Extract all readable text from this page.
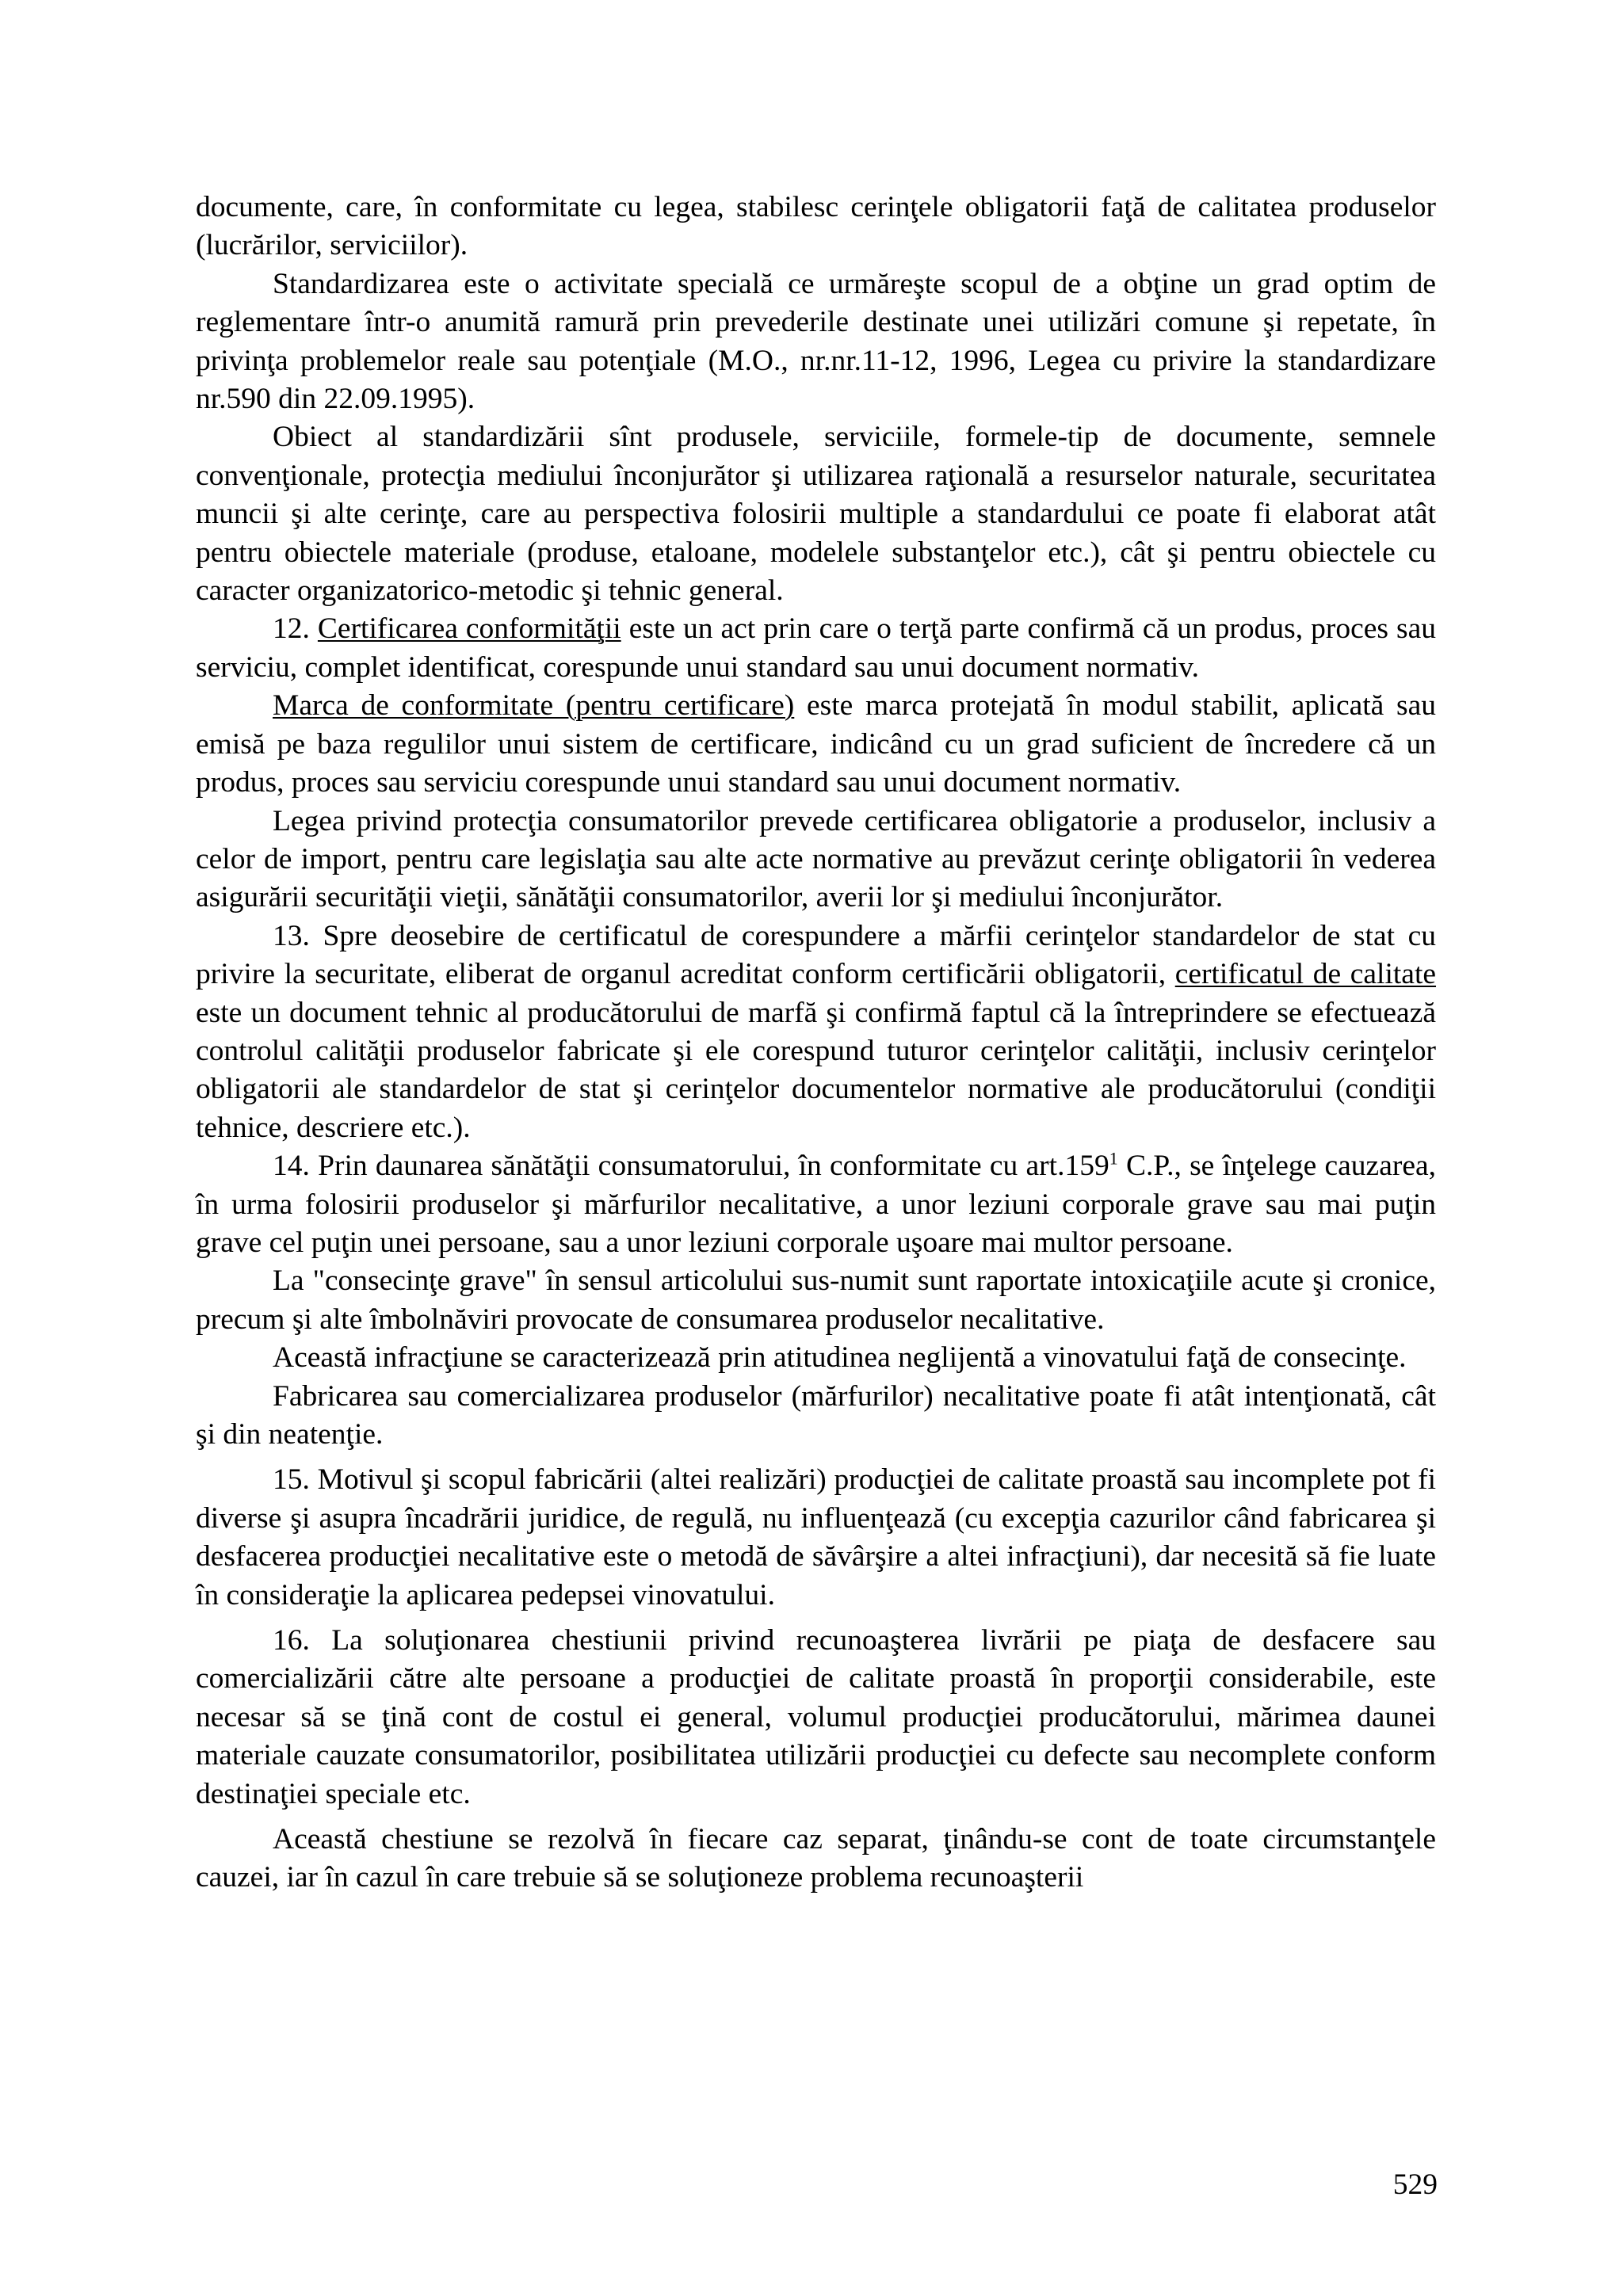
documente, care, în conformitate cu legea, stabilesc cerinţele obligatorii faţă de calitatea produselor (lucrărilor, serviciilor).

Standardizarea este o activitate specială ce urmăreşte scopul de a obţine un grad optim de reglementare într-o anumită ramură prin prevederile destinate unei utilizări comune şi repetate, în privinţa problemelor reale sau potenţiale (M.O., nr.nr.11-12, 1996, Legea cu privire la standardizare nr.590 din 22.09.1995).

Obiect al standardizării sînt produsele, serviciile, formele-tip de documente, semnele convenţionale, protecţia mediului înconjurător şi utilizarea raţională a resurselor naturale, securitatea muncii şi alte cerinţe, care au perspectiva folosirii multiple a standardului ce poate fi elaborat atât pentru obiectele materiale (produse, etaloane, modelele substanţelor etc.), cât şi pentru obiectele cu caracter organizatorico-metodic şi tehnic general.

12. Certificarea conformităţii este un act prin care o terţă parte confirmă că un produs, proces sau serviciu, complet identificat, corespunde unui standard sau unui document normativ.

Marca de conformitate (pentru certificare) este marca protejată în modul stabilit, aplicată sau emisă pe baza regulilor unui sistem de certificare, indicând cu un grad suficient de încredere că un produs, proces sau serviciu corespunde unui standard sau unui document normativ.

Legea privind protecţia consumatorilor prevede certificarea obligatorie a produselor, inclusiv a celor de import, pentru care legislaţia sau alte acte normative au prevăzut cerinţe obligatorii în vederea asigurării securităţii vieţii, sănătăţii consumatorilor, averii lor şi mediului înconjurător.

13. Spre deosebire de certificatul de corespundere a mărfii cerinţelor standardelor de stat cu privire la securitate, eliberat de organul acreditat conform certificării obligatorii, certificatul de calitate este un document tehnic al producătorului de marfă şi confirmă faptul că la întreprindere se efectuează controlul calităţii produselor fabricate şi ele corespund tuturor cerinţelor calităţii, inclusiv cerinţelor obligatorii ale standardelor de stat şi cerinţelor documentelor normative ale producătorului (condiţii tehnice, descriere etc.).

14. Prin daunarea sănătăţii consumatorului, în conformitate cu art.159$^1$ C.P., se înţelege cauzarea, în urma folosirii produselor şi mărfurilor necalitative, a unor leziuni corporale grave sau mai puţin grave cel puţin unei persoane, sau a unor leziuni corporale uşoare mai multor persoane.

La "consecinţe grave" în sensul articolului sus-numit sunt raportate intoxicaţiile acute şi cronice, precum şi alte îmbolnăviri provocate de consumarea produselor necalitative.

Această infracţiune se caracterizează prin atitudinea neglijentă a vinovatului faţă de consecinţe.

Fabricarea sau comercializarea produselor (mărfurilor) necalitative poate fi atât intenţionată, cât şi din neatenţie.

15. Motivul şi scopul fabricării (altei realizări) producţiei de calitate proastă sau incomplete pot fi diverse şi asupra încadrării juridice, de regulă, nu influenţează (cu excepţia cazurilor când fabricarea şi desfacerea producţiei necalitative este o metodă de săvârşire a altei infracţiuni), dar necesită să fie luate în consideraţie la aplicarea pedepsei vinovatului.

16. La soluţionarea chestiunii privind recunoaşterea livrării pe piaţa de desfacere sau comercializării către alte persoane a producţiei de calitate proastă în proporţii considerabile, este necesar să se ţină cont de costul ei general, volumul producţiei producătorului, mărimea daunei materiale cauzate consumatorilor, posibilitatea utilizării producţiei cu defecte sau necomplete conform destinaţiei speciale etc.

Această chestiune se rezolvă în fiecare caz separat, ţinându-se cont de toate circumstanţele cauzei, iar în cazul în care trebuie să se soluţioneze problema recunoaşterii

529
